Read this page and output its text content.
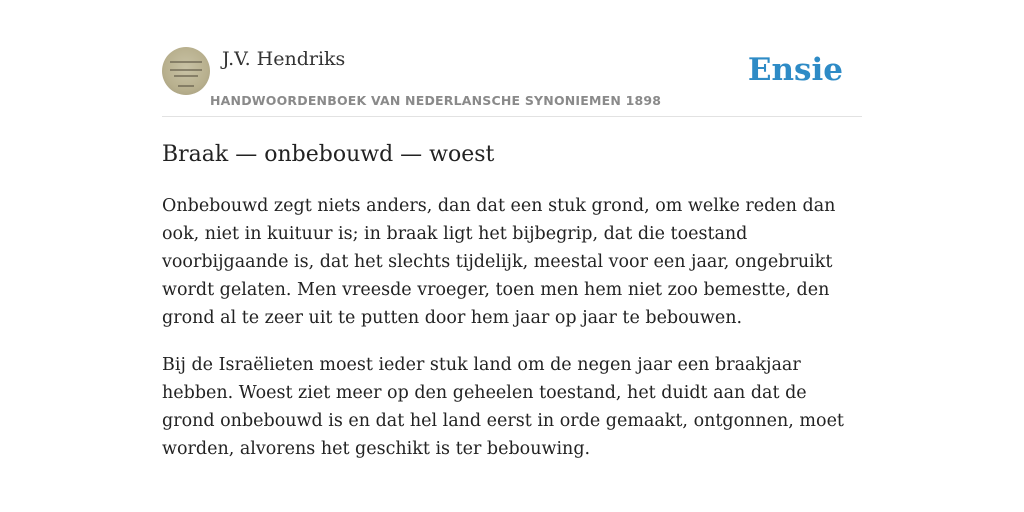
J.V. Hendriks
HANDWOORDENBOEK VAN NEDERLANSCHE SYNONIEMEN 1898
Ensie
Braak — onbebouwd — woest

Onbebouwd zegt niets anders, dan dat een stuk grond, om welke reden dan ook, niet in kuituur is; in braak ligt het bijbegrip, dat die toestand voorbijgaande is, dat het slechts tijdelijk, meestal voor een jaar, ongebruikt wordt gelaten. Men vreesde vroeger, toen men hem niet zoo bemestte, den grond al te zeer uit te putten door hem jaar op jaar te bebouwen.

Bij de Israëlieten moest ieder stuk land om de negen jaar een braakjaar hebben. Woest ziet meer op den geheelen toestand, het duidt aan dat de grond onbebouwd is en dat hel land eerst in orde gemaakt, ontgonnen, moet worden, alvorens het geschikt is ter bebouwing.
